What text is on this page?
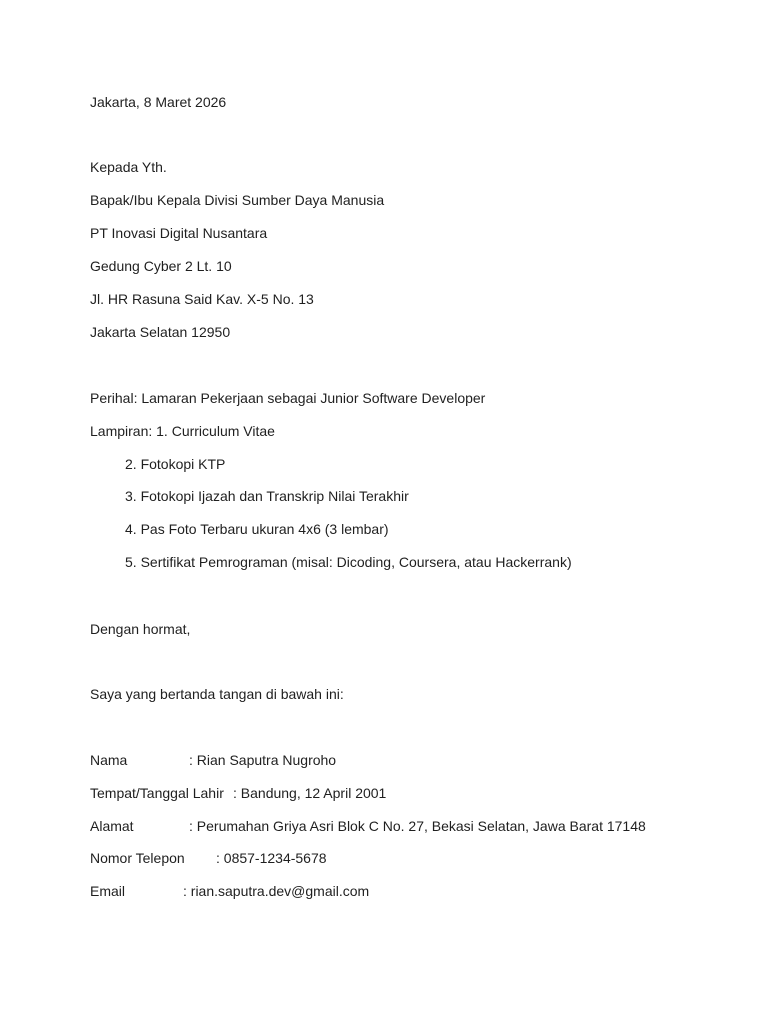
Jakarta, 8 Maret 2026
Kepada Yth.
Bapak/Ibu Kepala Divisi Sumber Daya Manusia
PT Inovasi Digital Nusantara
Gedung Cyber 2 Lt. 10
Jl. HR Rasuna Said Kav. X-5 No. 13
Jakarta Selatan 12950
Perihal: Lamaran Pekerjaan sebagai Junior Software Developer
Lampiran: 1. Curriculum Vitae
2. Fotokopi KTP
3. Fotokopi Ijazah dan Transkrip Nilai Terakhir
4. Pas Foto Terbaru ukuran 4x6 (3 lembar)
5. Sertifikat Pemrograman (misal: Dicoding, Coursera, atau Hackerrank)
Dengan hormat,
Saya yang bertanda tangan di bawah ini:
Nama	: Rian Saputra Nugroho
Tempat/Tanggal Lahir : Bandung, 12 April 2001
Alamat	: Perumahan Griya Asri Blok C No. 27, Bekasi Selatan, Jawa Barat 17148
Nomor Telepon : 0857-1234-5678
Email	: rian.saputra.dev@gmail.com
